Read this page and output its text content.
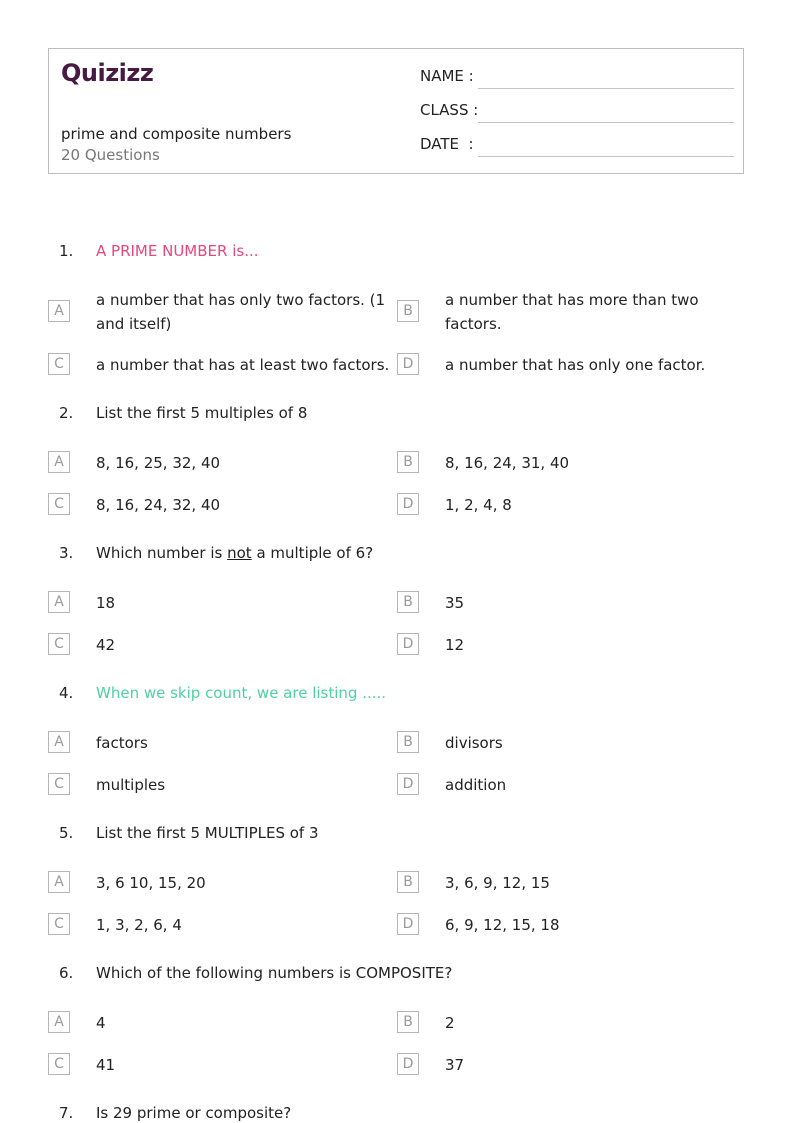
Quizizz
prime and composite numbers
20 Questions
NAME :
CLASS :
DATE  :
1. A PRIME NUMBER is...
A
a number that has only two factors. (1 and itself)
B
a number that has more than two factors.
C	a number that has at least two factors. D	a number that has only one factor.
2. List the first 5 multiples of 8
A	8, 16, 25, 32, 40	B	8, 16, 24, 31, 40
C	8, 16, 24, 32, 40	D	1, 2, 4, 8
3. Which number is not a multiple of 6?
A	18	B	35
C	42	D	12
4. When we skip count, we are listing .....
A	factors	B	divisors
C	multiples	D	addition
5. List the first 5 MULTIPLES of 3
A	3, 6 10, 15, 20	B	3, 6, 9, 12, 15
C	1, 3, 2, 6, 4	D	6, 9, 12, 15, 18
6. Which of the following numbers is COMPOSITE?
A	4	B	2
C	41	D	37
7. Is 29 prime or composite?
